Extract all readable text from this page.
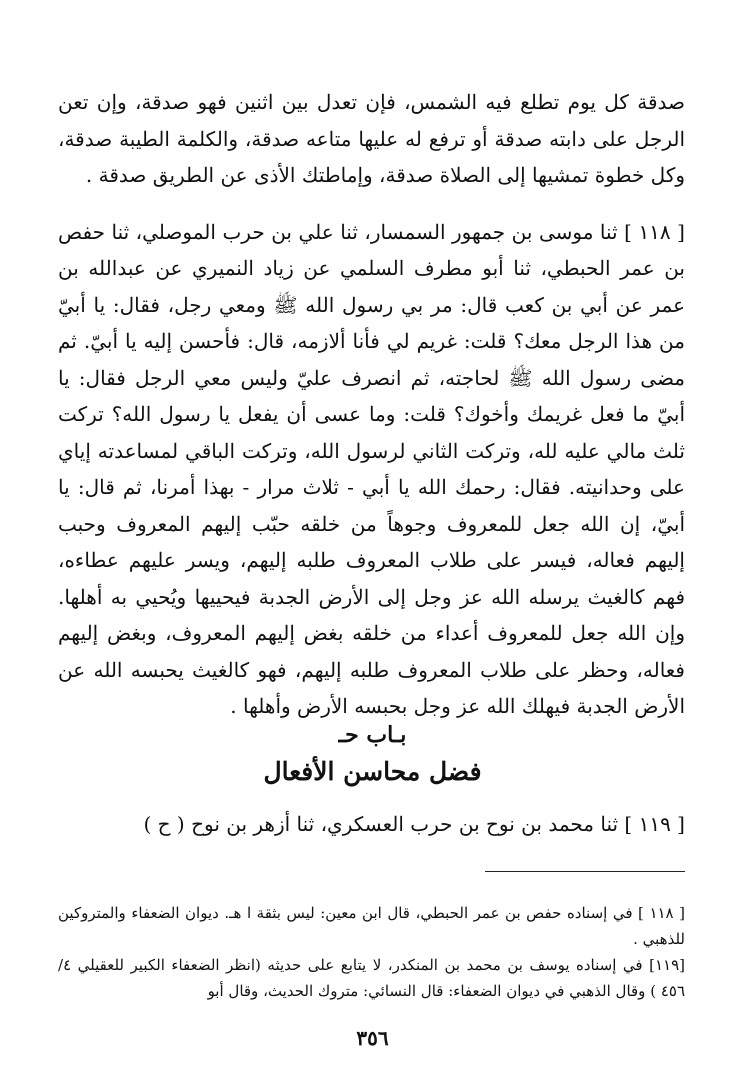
صدقة كل يوم تطلع فيه الشمس، فإن تعدل بين اثنين فهو صدقة، وإن تعن الرجل على دابته صدقة أو ترفع له عليها متاعه صدقة، والكلمة الطيبة صدقة، وكل خطوة تمشيها إلى الصلاة صدقة، وإماطتك الأذى عن الطريق صدقة .

[ ١١٨ ] ثنا موسى بن جمهور السمسار، ثنا علي بن حرب الموصلي، ثنا حفص بن عمر الحبطي، ثنا أبو مطرف السلمي عن زياد النميري عن عبدالله بن عمر عن أبي بن كعب قال: مر بي رسول الله ﷺ ومعي رجل، فقال: يا أبيّ من هذا الرجل معك؟ قلت: غريم لي فأنا ألازمه، قال: فأحسن إليه يا أبيّ. ثم مضى رسول الله ﷺ لحاجته، ثم انصرف عليّ وليس معي الرجل فقال: يا أبيّ ما فعل غريمك وأخوك؟ قلت: وما عسى أن يفعل يا رسول الله؟ تركت ثلث مالي عليه لله، وتركت الثاني لرسول الله، وتركت الباقي لمساعدته إياي على وحدانيته. فقال: رحمك الله يا أبي - ثلاث مرار - بهذا أمرنا، ثم قال: يا أبيّ، إن الله جعل للمعروف وجوهاً من خلقه حبّب إليهم المعروف وحبب إليهم فعاله، فيسر على طلاب المعروف طلبه إليهم، ويسر عليهم عطاءه، فهم كالغيث يرسله الله عز وجل إلى الأرض الجدبة فيحييها ويُحيي به أهلها. وإن الله جعل للمعروف أعداء من خلقه بغض إليهم المعروف، وبغض إليهم فعاله، وحظر على طلاب المعروف طلبه إليهم، فهو كالغيث يحبسه الله عن الأرض الجدبة فيهلك الله عز وجل بحبسه الأرض وأهلها .

بـاب حـ
فضل محاسن الأفعال
[ ١١٩ ] ثنا محمد بن نوح بن حرب العسكري، ثنا أزهر بن نوح ( ح )

[ ١١٨ ] في إسناده حفص بن عمر الحبطي، قال ابن معين: ليس بثقة ا هـ. ديوان الضعفاء والمتروكين للذهبي .

[١١٩] في إسناده يوسف بن محمد بن المنكدر، لا يتابع على حديثه (انظر الضعفاء الكبير للعقيلي ٤/ ٤٥٦ ) وقال الذهبي في ديوان الضعفاء: قال النسائي: متروك الحديث، وقال أبو

٣٥٦
